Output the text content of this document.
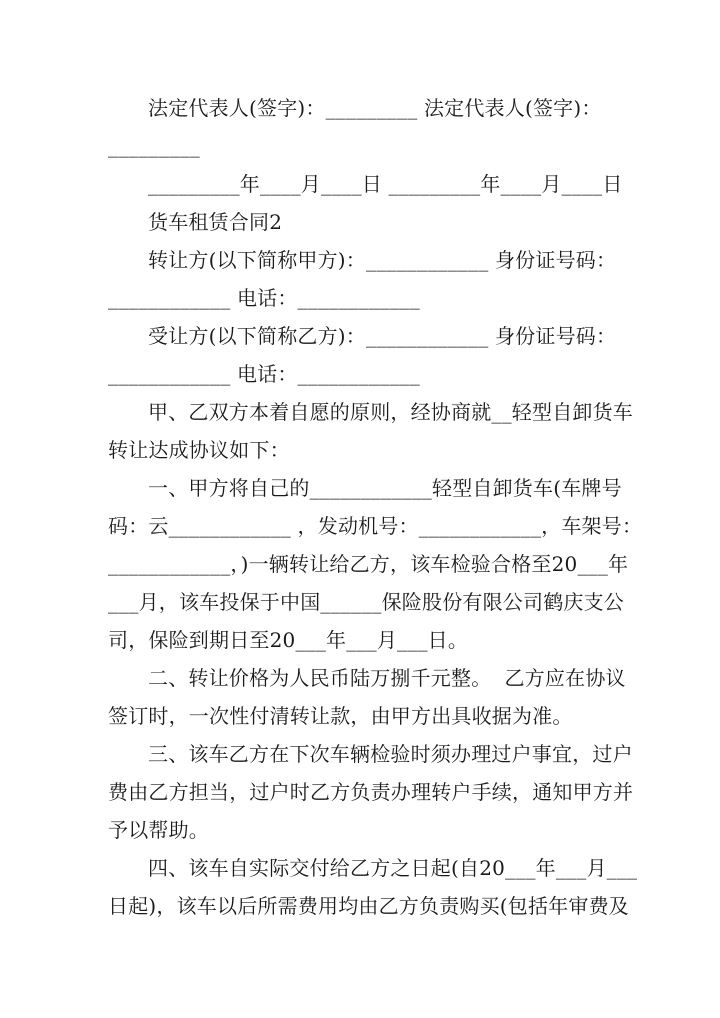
法定代表人(签字)：_________ 法定代表人(签字)：
_________
_________年____月____日 _________年____月____日
货车租赁合同2
转让方(以下简称甲方)：____________ 身份证号码：
____________ 电话：____________
受让方(以下简称乙方)：____________ 身份证号码：
____________ 电话：____________
甲、乙双方本着自愿的原则，经协商就__轻型自卸货车
转让达成协议如下：
一、甲方将自己的____________轻型自卸货车(车牌号
码：云____________ ，发动机号：____________，车架号：
____________，)一辆转让给乙方，该车检验合格至20___年
___月，该车投保于中国______保险股份有限公司鹤庆支公
司，保险到期日至20___年___月___日。
二、转让价格为人民币陆万捌千元整。  乙方应在协议
签订时，一次性付清转让款，由甲方出具收据为准。
三、该车乙方在下次车辆检验时须办理过户事宜，过户
费由乙方担当，过户时乙方负责办理转户手续，通知甲方并
予以帮助。
四、该车自实际交付给乙方之日起(自20___年___月___
日起)，该车以后所需费用均由乙方负责购买(包括年审费及
